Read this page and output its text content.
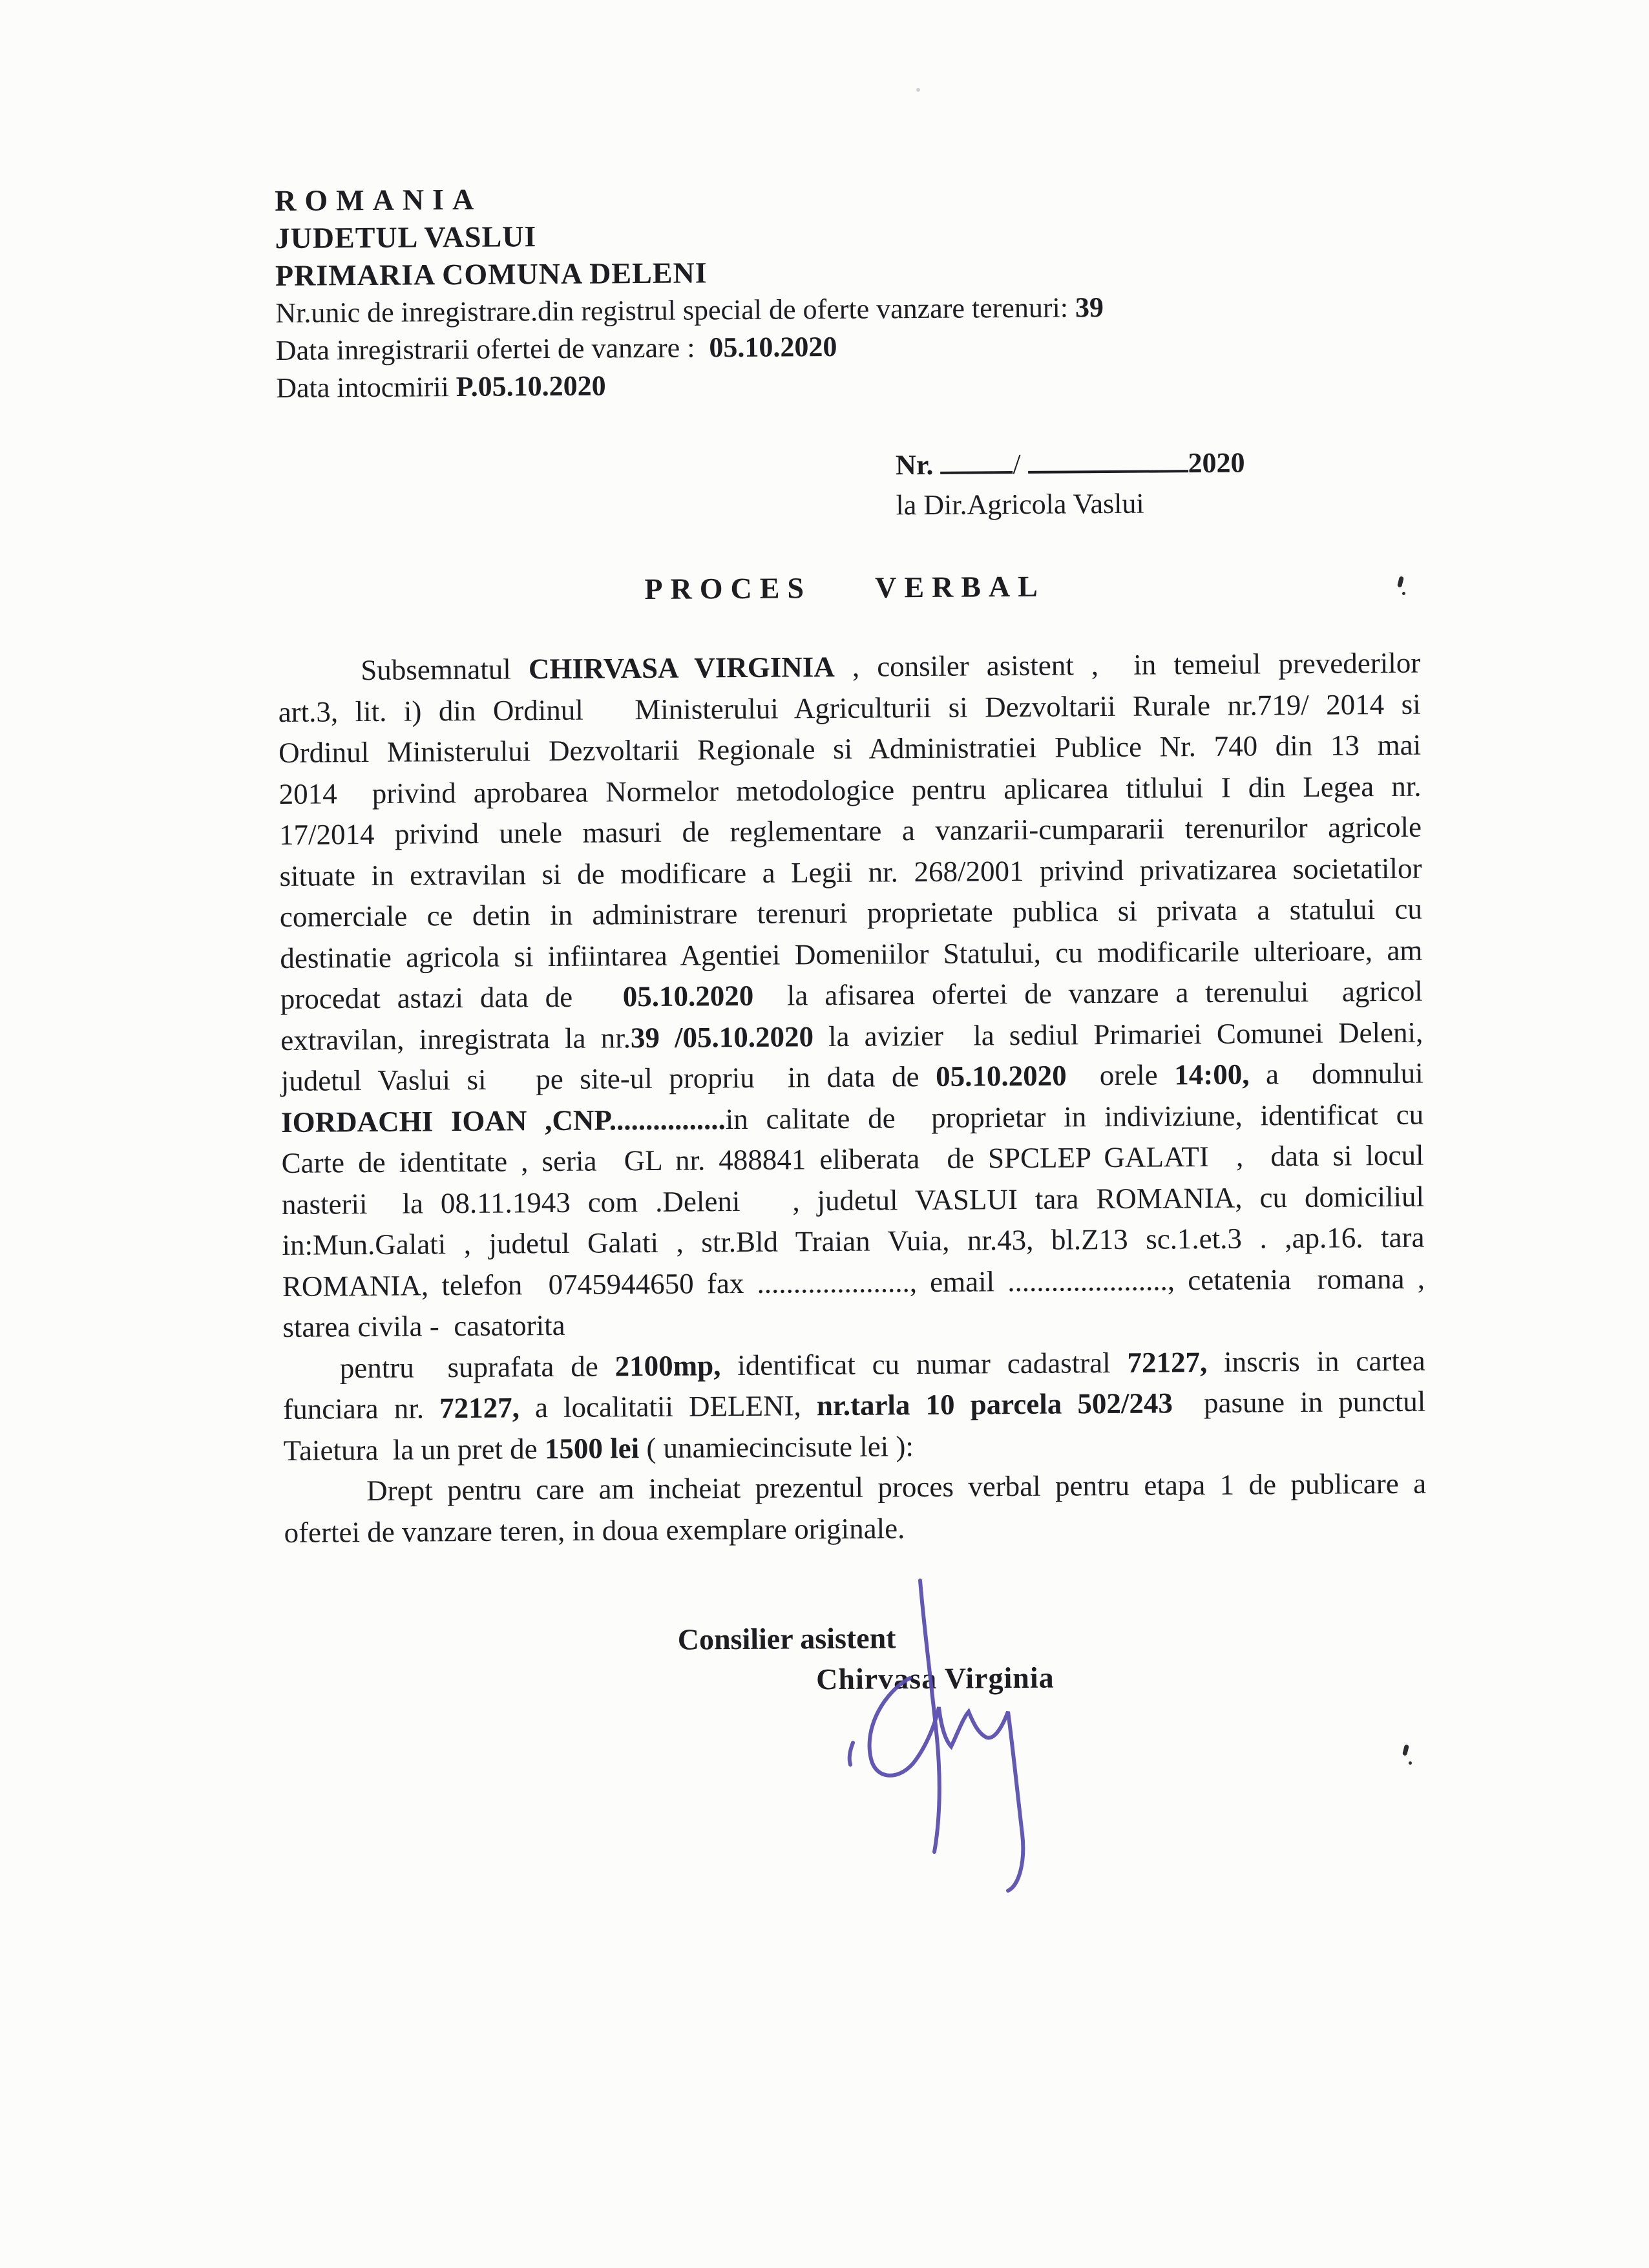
ROMANIA
JUDETUL VASLUI
PRIMARIA COMUNA DELENI
Nr.unic de inregistrare.din registrul special de oferte vanzare terenuri: 39
Data inregistrarii ofertei de vanzare :  05.10.2020
Data intocmirii P.05.10.2020
Nr.	/	2020
la Dir.Agricola Vaslui
PROCES  VERBAL
Subsemnatul CHIRVASA VIRGINIA , consiler asistent ,  in temeiul prevederilor
art.3, lit. i) din Ordinul   Ministerului Agriculturii si Dezvoltarii Rurale nr.719/ 2014 si
Ordinul Ministerului Dezvoltarii Regionale si Administratiei Publice Nr. 740 din 13 mai
2014  privind aprobarea Normelor metodologice pentru aplicarea titlului I din Legea nr.
17/2014 privind unele masuri de reglementare a vanzarii-cumpararii terenurilor agricole
situate in extravilan si de modificare a Legii nr. 268/2001 privind privatizarea societatilor
comerciale ce detin in administrare terenuri proprietate publica si privata a statului cu
destinatie agricola si infiintarea Agentiei Domeniilor Statului, cu modificarile ulterioare, am
procedat astazi data de   05.10.2020  la afisarea ofertei de vanzare a terenului  agricol
extravilan, inregistrata la nr.39 /05.10.2020 la avizier  la sediul Primariei Comunei Deleni,
judetul Vaslui si   pe site-ul propriu  in data de 05.10.2020  orele 14:00, a  domnului
IORDACHI IOAN ,CNP................in calitate de  proprietar in indiviziune, identificat cu
Carte de identitate , seria  GL nr. 488841 eliberata  de SPCLEP GALATI  ,  data si locul
nasterii  la 08.11.1943 com .Deleni   , judetul VASLUI tara ROMANIA, cu domiciliul
in:Mun.Galati , judetul Galati , str.Bld Traian Vuia, nr.43, bl.Z13 sc.1.et.3 . ,ap.16. tara
ROMANIA, telefon  0745944650 fax ....................., email ......................, cetatenia  romana ,
starea civila -  casatorita
pentru  suprafata de 2100mp, identificat cu numar cadastral 72127, inscris in cartea
funciara nr. 72127, a localitatii DELENI, nr.tarla 10 parcela 502/243  pasune in punctul
Taietura  la un pret de 1500 lei ( unamiecincisute lei ):
Drept pentru care am incheiat prezentul proces verbal pentru etapa 1 de publicare a
ofertei de vanzare teren, in doua exemplare originale.
Consilier asistent
Chirvasa Virginia
